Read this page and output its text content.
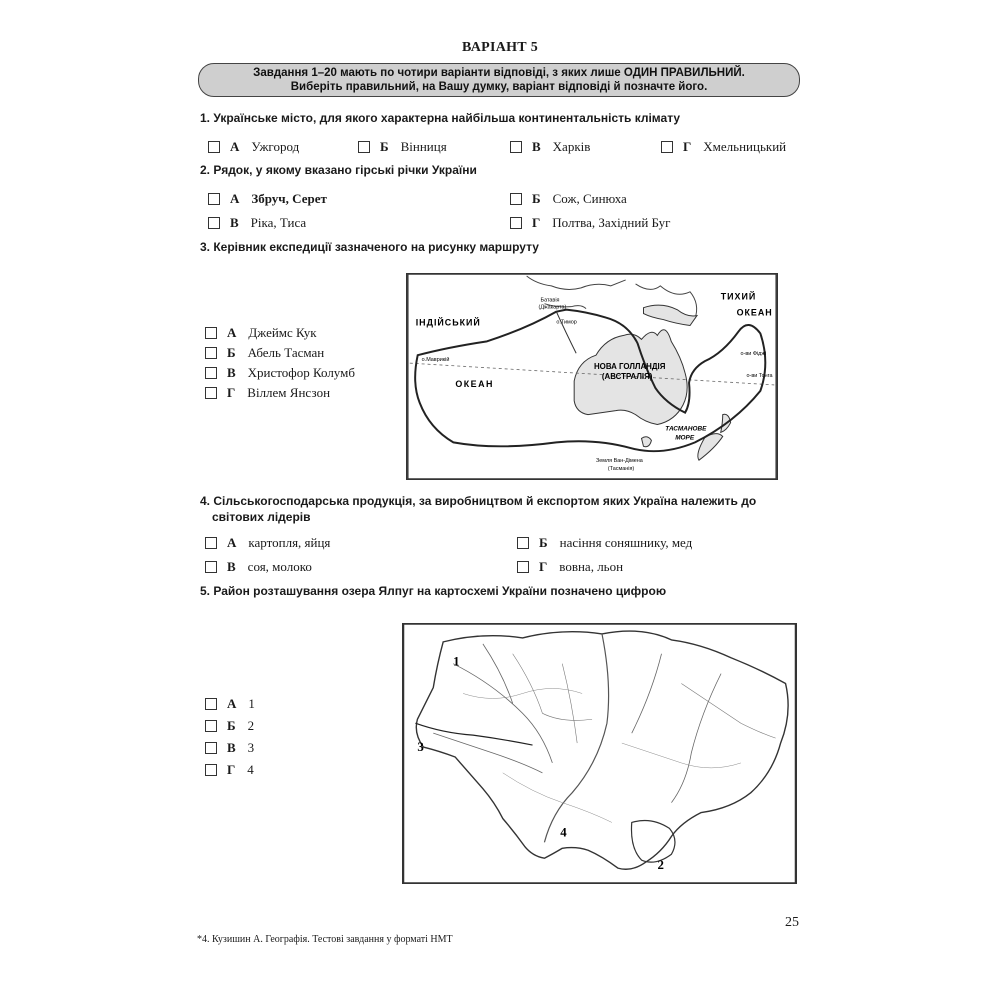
ВАРІАНТ 5
Завдання 1–20 мають по чотири варіанти відповіді, з яких лише ОДИН ПРАВИЛЬНИЙ.
Виберіть правильний, на Вашу думку, варіант відповіді й позначте його.
1. Українське місто, для якого характерна найбільша континентальність клімату
А Ужгород	Б Вінниця	В Харків	Г Хмельницький
2. Рядок, у якому вказано гірські річки України
А Збруч, Серет	Б Сож, Синюха
В Ріка, Тиса	Г Полтва, Західний Буг
3. Керівник експедиції зазначеного на рисунку маршруту
А Джеймс Кук
Б Абель Тасман
В Христофор Колумб
Г Віллем Янсзон
ІНДІЙСЬКИЙ
ОКЕАН
ТИХИЙ
ОКЕАН
НОВА ГОЛЛАНДІЯ
(АВСТРАЛІЯ)
ТАСМАНОВЕ
МОРЕ
Батавія
(Джакарта)
о.Тимор
о.Маврикій
о-ви Фіджі
о-ви Тонга
Земля Ван-Дімена
(Тасманія)
4. Сільськогосподарська продукція, за виробництвом й експортом яких Україна належить до
світових лідерів
А картопля, яйця	Б насіння соняшнику, мед
В соя, молоко	Г вовна, льон
5. Район розташування озера Ялпуг на картосхемі України позначено цифрою
А 1
Б 2
В 3
Г 4
1
2
3
4
25
*4. Кузишин А. Географія. Тестові завдання у форматі НМТ
